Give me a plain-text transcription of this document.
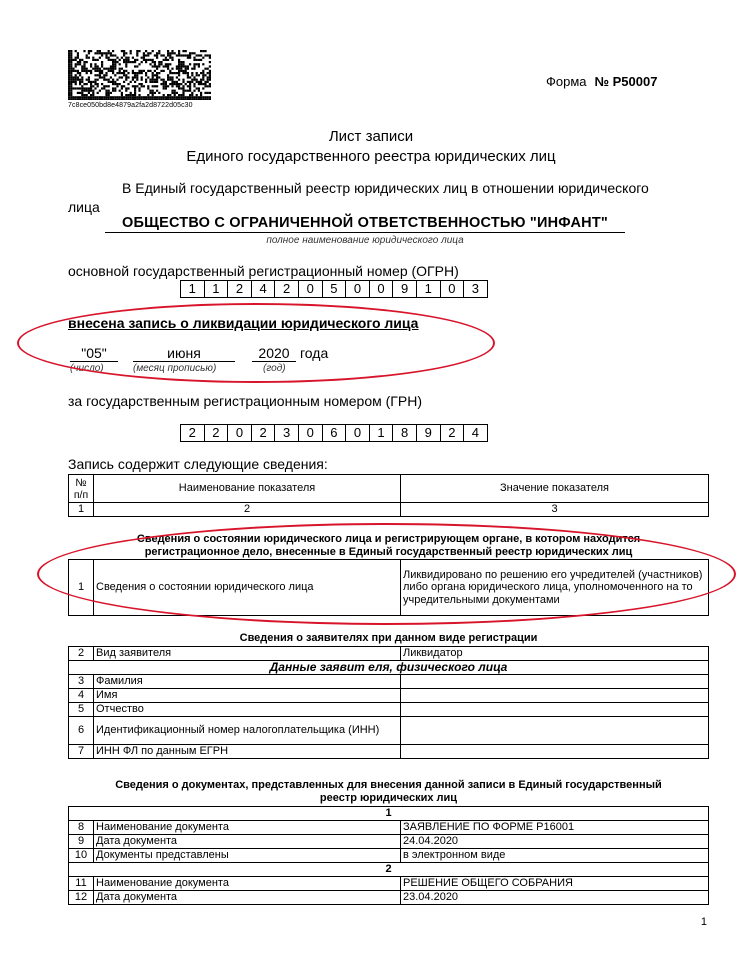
7c8ce050bd8e4879a2fa2d8722d05c30
Форма № Р50007
Лист записи
Единого государственного реестра юридических лиц
В Единый государственный реестр юридических лиц в отношении юридического
лица
ОБЩЕСТВО С ОГРАНИЧЕННОЙ ОТВЕТСТВЕННОСТЬЮ "ИНФАНТ"
полное наименование юридического лица
основной государственный регистрационный номер (ОГРН)
1	1	2	4	2	0	5	0	0	9	1	0	3
внесена запись о ликвидации юридического лица
"05"	июня	2020 года
(число)	(месяц прописью)	(год)
за государственным регистрационным номером (ГРН)
2	2	0	2	3	0	6	0	1	8	9	2	4
Запись содержит следующие сведения:
№ п/п	Наименование показателя	Значение показателя
1	2	3
Сведения о состоянии юридического лица и регистрирующем органе, в котором находится
регистрационное дело, внесенные в Единый государственный реестр юридических лиц
1	Сведения о состоянии юридического лица	Ликвидировано по решению его учредителей (участников) либо органа юридического лица, уполномоченного на то учредительными документами
Сведения о заявителях при данном виде регистрации
2	Вид заявителя	Ликвидатор
Данные заявит еля, физического лица		
3	Фамилия	
4	Имя	
5	Отчество	
6	Идентификационный номер налогоплательщика (ИНН)	
7	ИНН ФЛ по данным ЕГРН	
Сведения о документах, представленных для внесения данной записи в Единый государственный
реестр юридических лиц
1		
8	Наименование документа	ЗАЯВЛЕНИЕ ПО ФОРМЕ Р16001
9	Дата документа	24.04.2020
10	Документы представлены	в электронном виде
2		
11	Наименование документа	РЕШЕНИЕ ОБЩЕГО СОБРАНИЯ
12	Дата документа	23.04.2020
1
